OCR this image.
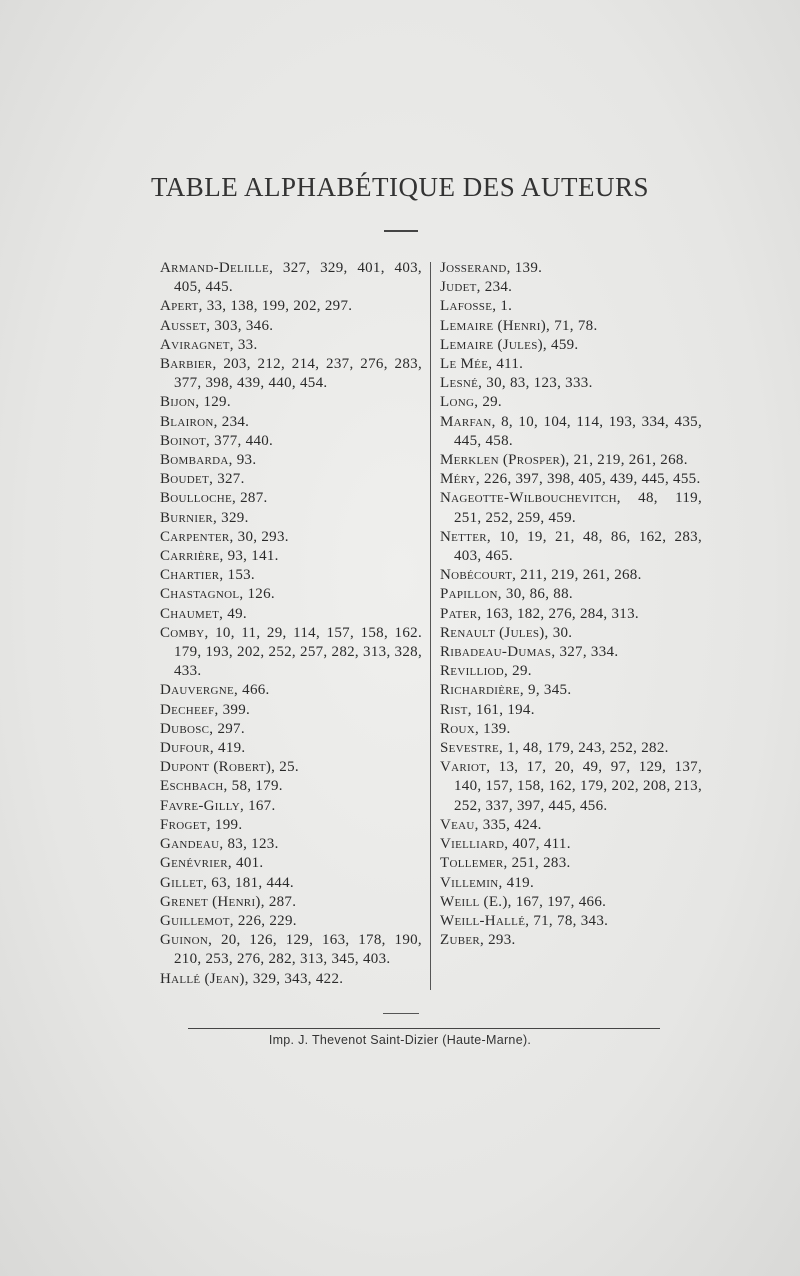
TABLE ALPHABÉTIQUE DES AUTEURS

Armand-Delille, 327, 329, 401, 403, 405, 445.

Apert, 33, 138, 199, 202, 297.

Ausset, 303, 346.

Aviragnet, 33.

Barbier, 203, 212, 214, 237, 276, 283, 377, 398, 439, 440, 454.

Bijon, 129.

Blairon, 234.

Boinot, 377, 440.

Bombarda, 93.

Boudet, 327.

Boulloche, 287.

Burnier, 329.

Carpenter, 30, 293.

Carrière, 93, 141.

Chartier, 153.

Chastagnol, 126.

Chaumet, 49.

Comby, 10, 11, 29, 114, 157, 158, 162. 179, 193, 202, 252, 257, 282, 313, 328, 433.

Dauvergne, 466.

Decheef, 399.

Dubosc, 297.

Dufour, 419.

Dupont (Robert), 25.

Eschbach, 58, 179.

Favre-Gilly, 167.

Froget, 199.

Gandeau, 83, 123.

Genévrier, 401.

Gillet, 63, 181, 444.

Grenet (Henri), 287.

Guillemot, 226, 229.

Guinon, 20, 126, 129, 163, 178, 190, 210, 253, 276, 282, 313, 345, 403.

Hallé (Jean), 329, 343, 422.

Josserand, 139.

Judet, 234.

Lafosse, 1.

Lemaire (Henri), 71, 78.

Lemaire (Jules), 459.

Le Mée, 411.

Lesné, 30, 83, 123, 333.

Long, 29.

Marfan, 8, 10, 104, 114, 193, 334, 435, 445, 458.

Merklen (Prosper), 21, 219, 261, 268.

Méry, 226, 397, 398, 405, 439, 445, 455.

Nageotte-Wilbouchevitch, 48, 119, 251, 252, 259, 459.

Netter, 10, 19, 21, 48, 86, 162, 283, 403, 465.

Nobécourt, 211, 219, 261, 268.

Papillon, 30, 86, 88.

Pater, 163, 182, 276, 284, 313.

Renault (Jules), 30.

Ribadeau-Dumas, 327, 334.

Revilliod, 29.

Richardière, 9, 345.

Rist, 161, 194.

Roux, 139.

Sevestre, 1, 48, 179, 243, 252, 282.

Variot, 13, 17, 20, 49, 97, 129, 137, 140, 157, 158, 162, 179, 202, 208, 213, 252, 337, 397, 445, 456.

Veau, 335, 424.

Vielliard, 407, 411.

Tollemer, 251, 283.

Villemin, 419.

Weill (E.), 167, 197, 466.

Weill-Hallé, 71, 78, 343.

Zuber, 293.

Imp. J. Thevenot Saint-Dizier (Haute-Marne).
